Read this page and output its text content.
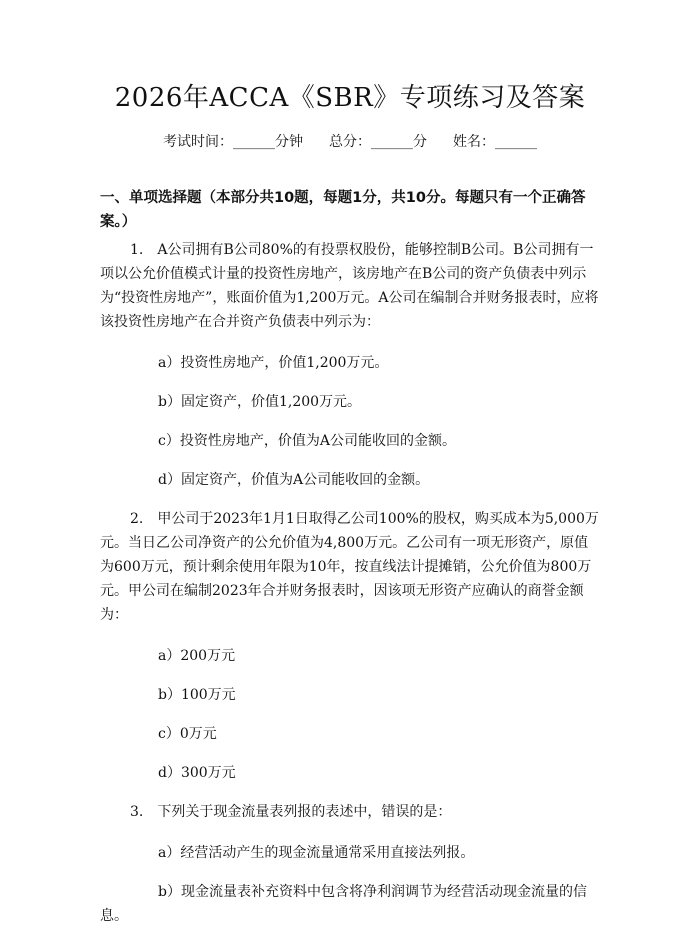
2026年ACCA《SBR》专项练习及答案
考试时间：______分钟 总分：______分 姓名：______
一、单项选择题（本部分共10题，每题1分，共10分。每题只有一个正确答案。）
1.　A公司拥有B公司80%的有投票权股份，能够控制B公司。B公司拥有一项以公允价值模式计量的投资性房地产，该房地产在B公司的资产负债表中列示为“投资性房地产”，账面价值为1,200万元。A公司在编制合并财务报表时，应将该投资性房地产在合并资产负债表中列示为：
a）投资性房地产，价值1,200万元。
b）固定资产，价值1,200万元。
c）投资性房地产，价值为A公司能收回的金额。
d）固定资产，价值为A公司能收回的金额。
2.　甲公司于2023年1月1日取得乙公司100%的股权，购买成本为5,000万元。当日乙公司净资产的公允价值为4,800万元。乙公司有一项无形资产，原值为600万元，预计剩余使用年限为10年，按直线法计提摊销，公允价值为800万元。甲公司在编制2023年合并财务报表时，因该项无形资产应确认的商誉金额为：
a）200万元
b）100万元
c）0万元
d）300万元
3.　下列关于现金流量表列报的表述中，错误的是：
a）经营活动产生的现金流量通常采用直接法列报。
b）现金流量表补充资料中包含将净利润调节为经营活动现金流量的信息。
